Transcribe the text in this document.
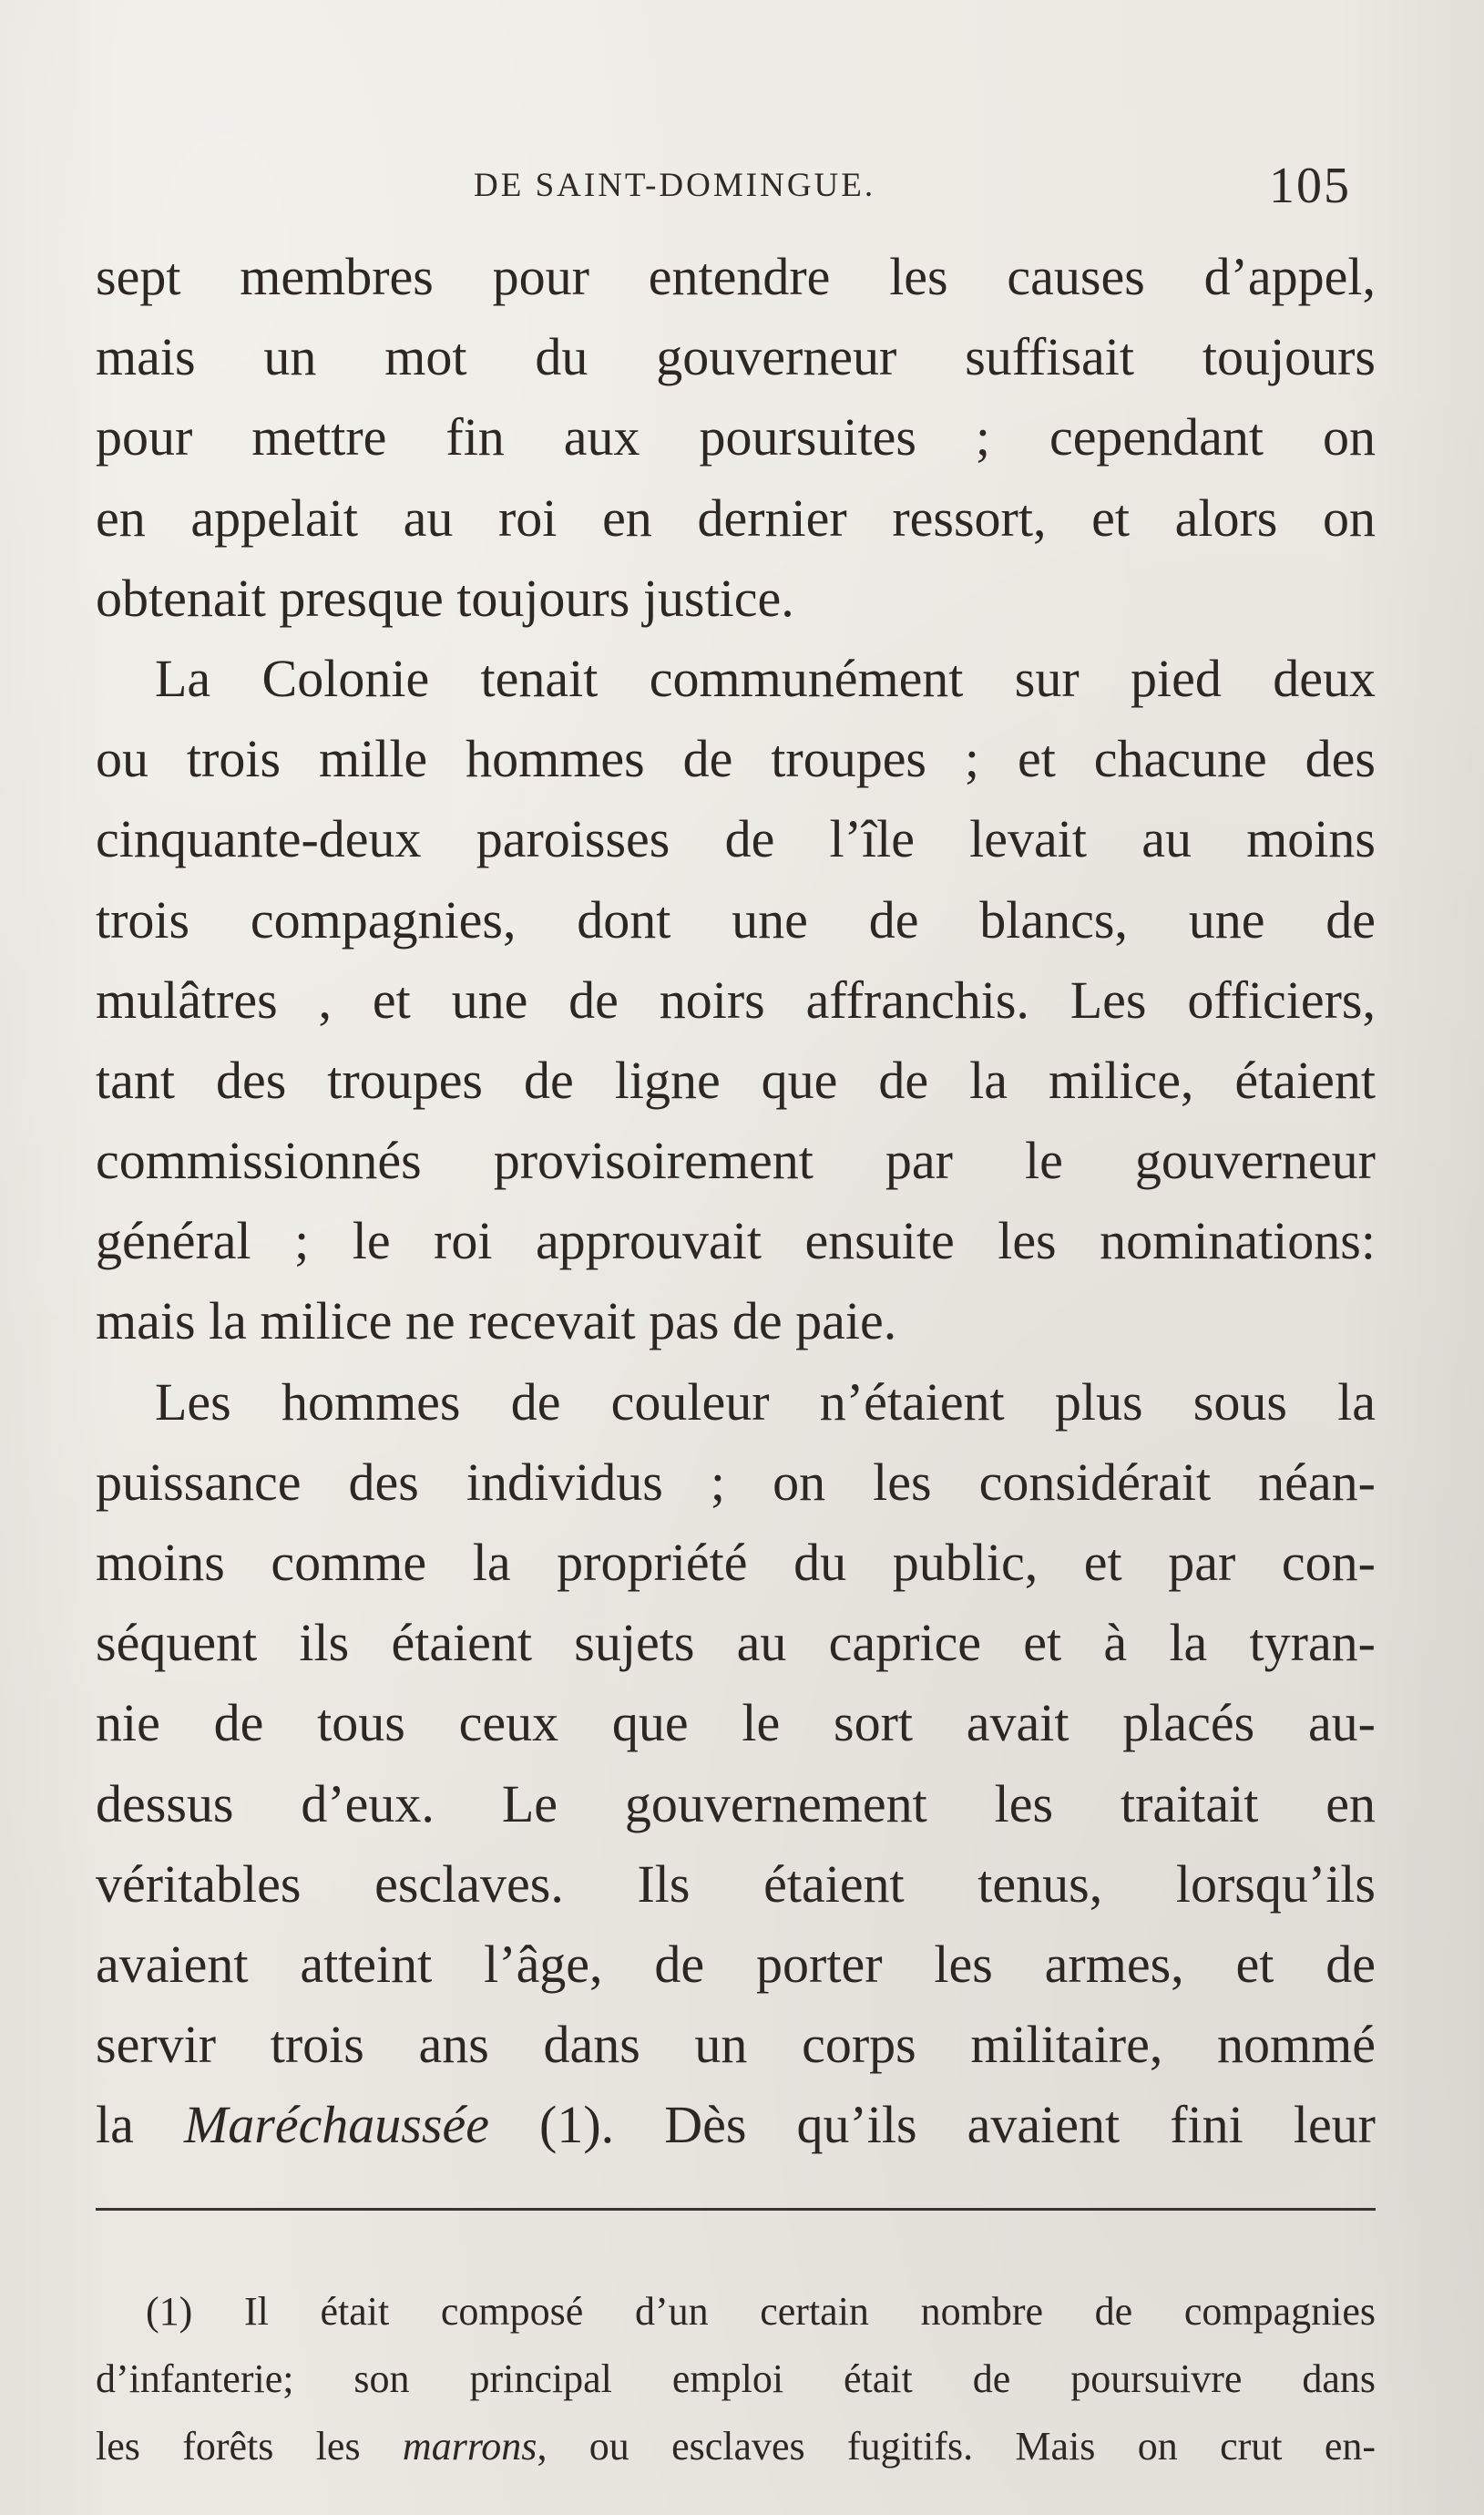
DE SAINT-DOMINGUE.	105
sept membres pour entendre les causes d’appel,
mais un mot du gouverneur suffisait toujours
pour mettre fin aux poursuites ; cependant on
en appelait au roi en dernier ressort, et alors on
obtenait presque toujours justice.
La Colonie tenait communément sur pied deux
ou trois mille hommes de troupes ; et chacune des
cinquante-deux paroisses de l’île levait au moins
trois compagnies, dont une de blancs, une de
mulâtres , et une de noirs affranchis. Les officiers,
tant des troupes de ligne que de la milice, étaient
commissionnés provisoirement par le gouverneur
général ; le roi approuvait ensuite les nominations:
mais la milice ne recevait pas de paie.
Les hommes de couleur n’étaient plus sous la
puissance des individus ; on les considérait néan-
moins comme la propriété du public, et par con-
séquent ils étaient sujets au caprice et à la tyran-
nie de tous ceux que le sort avait placés au-
dessus d’eux. Le gouvernement les traitait en
véritables esclaves. Ils étaient tenus, lorsqu’ils
avaient atteint l’âge, de porter les armes, et de
servir trois ans dans un corps militaire, nommé
la Maréchaussée (1). Dès qu’ils avaient fini leur
(1) Il était composé d’un certain nombre de compagnies
d’infanterie; son principal emploi était de poursuivre dans
les forêts les marrons, ou esclaves fugitifs. Mais on crut en-
